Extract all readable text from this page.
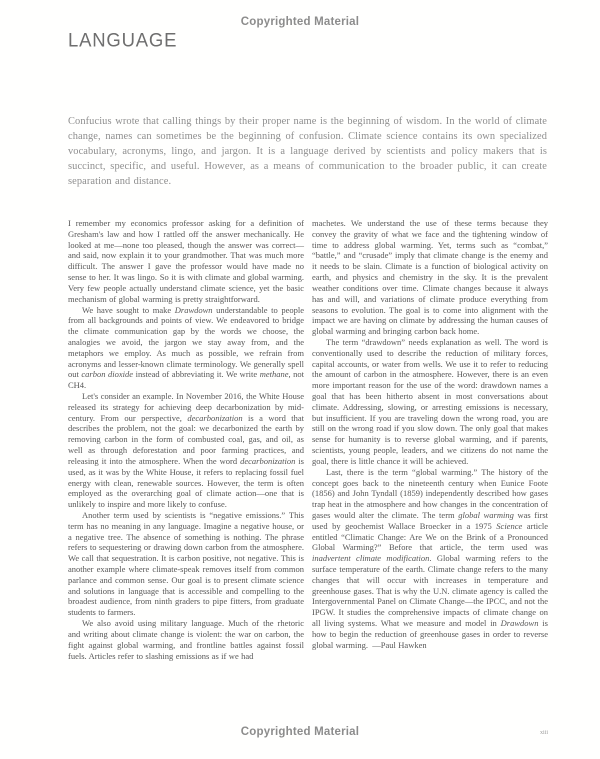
Copyrighted Material
LANGUAGE

Confucius wrote that calling things by their proper name is the beginning of wisdom. In the world of climate change, names can sometimes be the beginning of confusion. Climate science contains its own specialized vocabulary, acronyms, lingo, and jargon. It is a language derived by scientists and policy makers that is succinct, specific, and useful. However, as a means of communication to the broader public, it can create separation and distance.

I remember my economics professor asking for a definition of Gresham's law and how I rattled off the answer mechanically. He looked at me—none too pleased, though the answer was correct—and said, now explain it to your grandmother. That was much more difficult. The answer I gave the professor would have made no sense to her. It was lingo. So it is with climate and global warming. Very few people actually understand climate science, yet the basic mechanism of global warming is pretty straightforward.

We have sought to make Drawdown understandable to people from all backgrounds and points of view. We endeavored to bridge the climate communication gap by the words we choose, the analogies we avoid, the jargon we stay away from, and the metaphors we employ. As much as possible, we refrain from acronyms and lesser-known climate terminology. We generally spell out carbon dioxide instead of abbreviating it. We write methane, not CH4.

Let's consider an example. In November 2016, the White House released its strategy for achieving deep decarbonization by mid-century. From our perspective, decarbonization is a word that describes the problem, not the goal: we decarbonized the earth by removing carbon in the form of combusted coal, gas, and oil, as well as through deforestation and poor farming practices, and releasing it into the atmosphere. When the word decarbonization is used, as it was by the White House, it refers to replacing fossil fuel energy with clean, renewable sources. However, the term is often employed as the overarching goal of climate action—one that is unlikely to inspire and more likely to confuse.

Another term used by scientists is “negative emissions.” This term has no meaning in any language. Imagine a negative house, or a negative tree. The absence of something is nothing. The phrase refers to sequestering or drawing down carbon from the atmosphere. We call that sequestration. It is carbon positive, not negative. This is another example where climate-speak removes itself from common parlance and common sense. Our goal is to present climate science and solutions in language that is accessible and compelling to the broadest audience, from ninth graders to pipe fitters, from graduate students to farmers.

We also avoid using military language. Much of the rhetoric and writing about climate change is violent: the war on carbon, the fight against global warming, and frontline battles against fossil fuels. Articles refer to slashing emissions as if we had

machetes. We understand the use of these terms because they convey the gravity of what we face and the tightening window of time to address global warming. Yet, terms such as “combat,” “battle,” and “crusade” imply that climate change is the enemy and it needs to be slain. Climate is a function of biological activity on earth, and physics and chemistry in the sky. It is the prevalent weather conditions over time. Climate changes because it always has and will, and variations of climate produce everything from seasons to evolution. The goal is to come into alignment with the impact we are having on climate by addressing the human causes of global warming and bringing carbon back home.

The term “drawdown” needs explanation as well. The word is conventionally used to describe the reduction of military forces, capital accounts, or water from wells. We use it to refer to reducing the amount of carbon in the atmosphere. However, there is an even more important reason for the use of the word: drawdown names a goal that has been hitherto absent in most conversations about climate. Addressing, slowing, or arresting emissions is necessary, but insufficient. If you are traveling down the wrong road, you are still on the wrong road if you slow down. The only goal that makes sense for humanity is to reverse global warming, and if parents, scientists, young people, leaders, and we citizens do not name the goal, there is little chance it will be achieved.

Last, there is the term “global warming.” The history of the concept goes back to the nineteenth century when Eunice Foote (1856) and John Tyndall (1859) independently described how gases trap heat in the atmosphere and how changes in the concentration of gases would alter the climate. The term global warming was first used by geochemist Wallace Broecker in a 1975 Science article entitled “Climatic Change: Are We on the Brink of a Pronounced Global Warming?” Before that article, the term used was inadvertent climate modification. Global warming refers to the surface temperature of the earth. Climate change refers to the many changes that will occur with increases in temperature and greenhouse gases. That is why the U.N. climate agency is called the Intergovernmental Panel on Climate Change—the IPCC, and not the IPGW. It studies the comprehensive impacts of climate change on all living systems. What we measure and model in Drawdown is how to begin the reduction of greenhouse gases in order to reverse global warming. —Paul Hawken

Copyrighted Material	xiii
